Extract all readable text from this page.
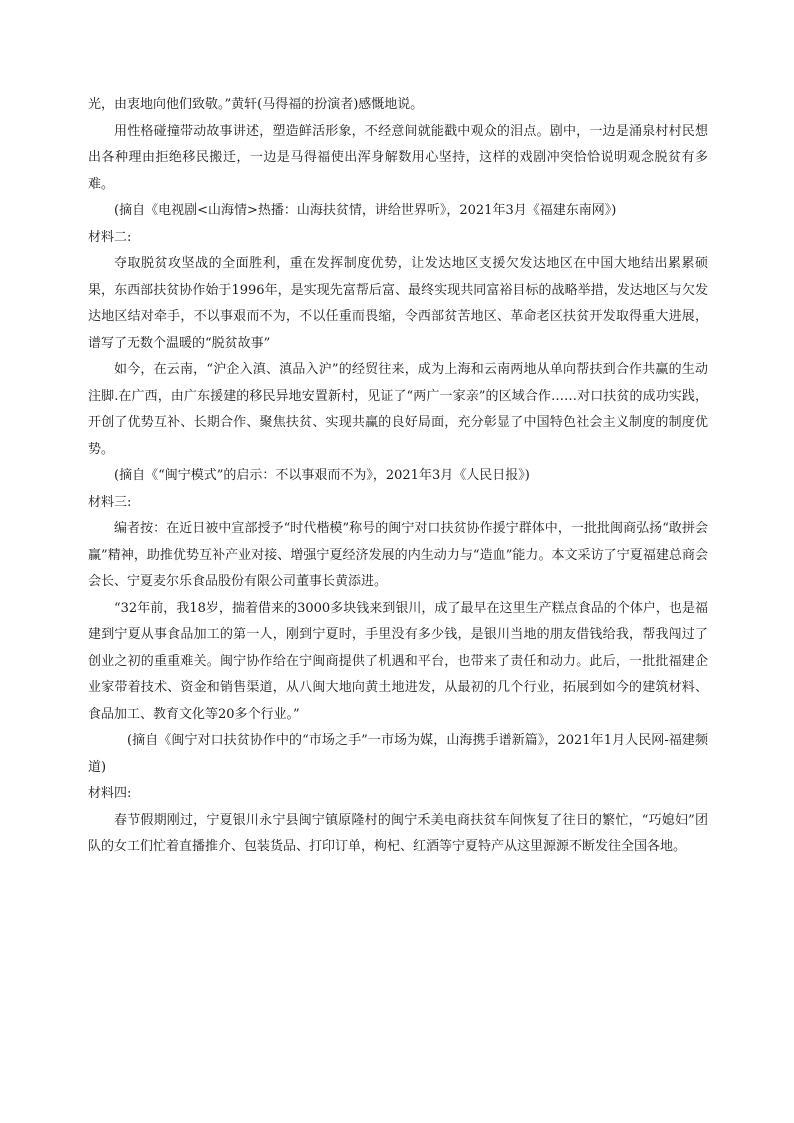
光，由衷地向他们致敬。”黄轩(马得福的扮演者)感慨地说。

用性格碰撞带动故事讲述，塑造鲜活形象，不经意间就能戳中观众的泪点。剧中，一边是涌泉村村民想出各种理由拒绝移民搬迁，一边是马得福使出浑身解数用心坚持，这样的戏剧冲突恰恰说明观念脱贫有多难。

(摘自《电视剧<山海情>热播：山海扶贫情，讲给世界听》，2021年3月《福建东南网》)

材料二:

夺取脱贫攻坚战的全面胜利，重在发挥制度优势，让发达地区支援欠发达地区在中国大地结出累累硕果，东西部扶贫协作始于1996年，是实现先富帮后富、最终实现共同富裕目标的战略举措，发达地区与欠发达地区结对牵手，不以事艰而不为，不以任重而畏缩，令西部贫苦地区、革命老区扶贫开发取得重大进展，谱写了无数个温暖的“脱贫故事”

如今，在云南，“沪企入滇、滇品入沪”的经贸往来，成为上海和云南两地从单向帮扶到合作共赢的生动注脚.在广西，由广东援建的移民异地安置新村，见证了“两广一家亲”的区域合作……对口扶贫的成功实践，开创了优势互补、长期合作、聚焦扶贫、实现共赢的良好局面，充分彰显了中国特色社会主义制度的制度优势。

(摘自《“闽宁模式”的启示：不以事艰而不为》，2021年3月《人民日报》)

材料三:

编者按：在近日被中宣部授予“时代楷模”称号的闽宁对口扶贫协作援宁群体中，一批批闽商弘扬“敢拼会赢”精神，助推优势互补产业对接、增强宁夏经济发展的内生动力与“造血”能力。本文采访了宁夏福建总商会会长、宁夏麦尔乐食品股份有限公司董事长黄添进。

“32年前，我18岁，揣着借来的3000多块钱来到银川，成了最早在这里生产糕点食品的个体户，也是福建到宁夏从事食品加工的第一人，刚到宁夏时，手里没有多少钱，是银川当地的朋友借钱给我，帮我闯过了创业之初的重重难关。闽宁协作给在宁闽商提供了机遇和平台，也带来了责任和动力。此后，一批批福建企业家带着技术、资金和销售渠道，从八闽大地向黄土地进发，从最初的几个行业，拓展到如今的建筑材料、食品加工、教育文化等20多个行业。”

(摘自《闽宁对口扶贫协作中的“市场之手”一市场为媒，山海携手谱新篇》，2021年1月人民网-福建频道)

材料四:

春节假期刚过，宁夏银川永宁县闽宁镇原隆村的闽宁禾美电商扶贫车间恢复了往日的繁忙，“巧媳妇”团队的女工们忙着直播推介、包装货品、打印订单，枸杞、红酒等宁夏特产从这里源源不断发往全国各地。
